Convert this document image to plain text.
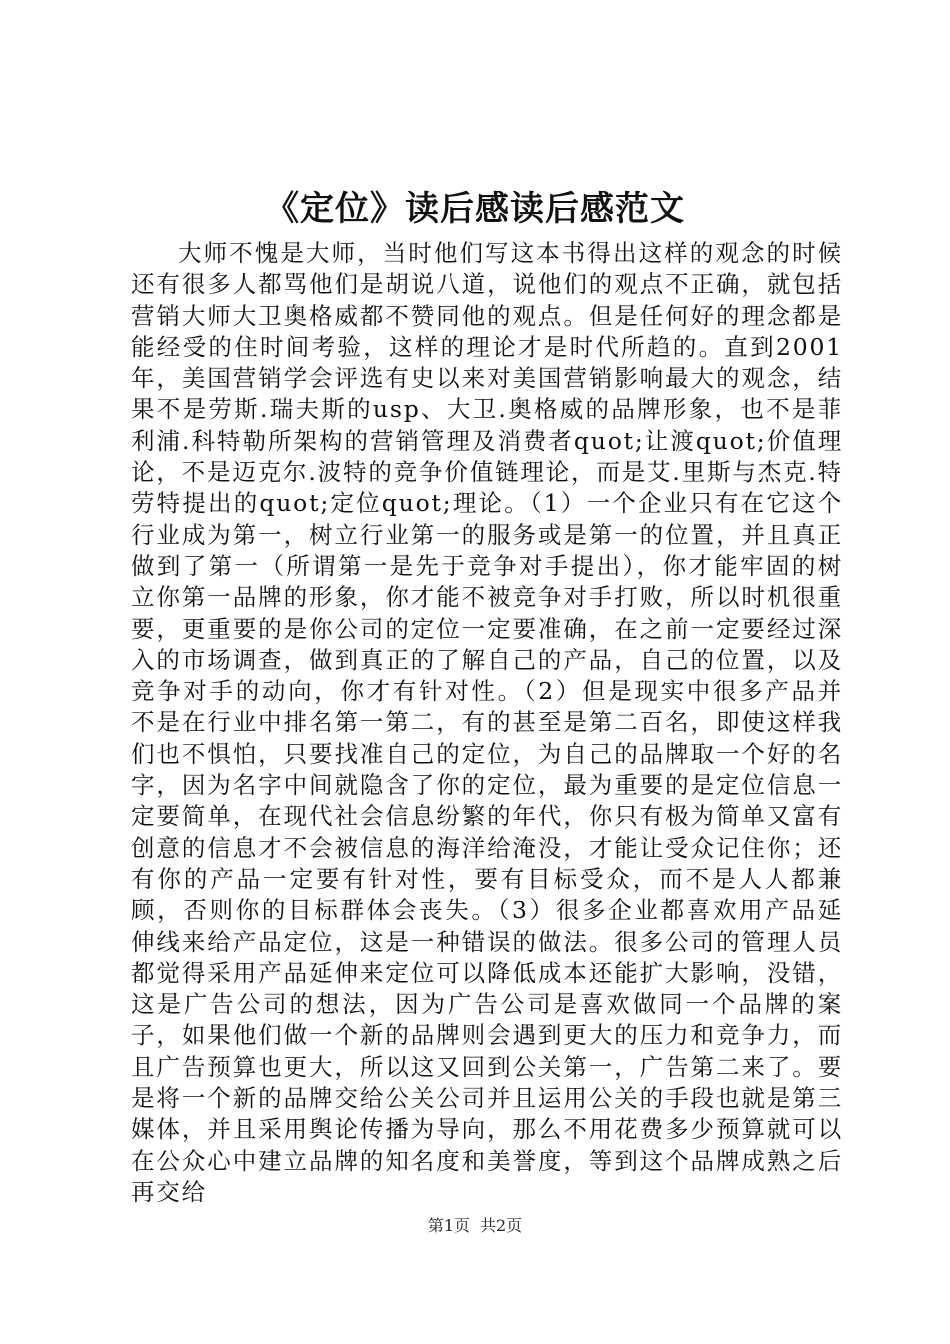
《定位》读后感读后感范文

大师不愧是大师，当时他们写这本书得出这样的观念的时候还有很多人都骂他们是胡说八道，说他们的观点不正确，就包括营销大师大卫奥格威都不赞同他的观点。但是任何好的理念都是能经受的住时间考验，这样的理论才是时代所趋的。直到2001年，美国营销学会评选有史以来对美国营销影响最大的观念，结果不是劳斯.瑞夫斯的usp、大卫.奥格威的品牌形象，也不是菲利浦.科特勒所架构的营销管理及消费者quot;让渡quot;价值理论，不是迈克尔.波特的竞争价值链理论，而是艾.里斯与杰克.特劳特提出的quot;定位quot;理论。（1）一个企业只有在它这个行业成为第一，树立行业第一的服务或是第一的位置，并且真正做到了第一（所谓第一是先于竞争对手提出），你才能牢固的树立你第一品牌的形象，你才能不被竞争对手打败，所以时机很重要，更重要的是你公司的定位一定要准确，在之前一定要经过深入的市场调查，做到真正的了解自己的产品，自己的位置，以及竞争对手的动向，你才有针对性。（2）但是现实中很多产品并不是在行业中排名第一第二，有的甚至是第二百名，即使这样我们也不惧怕，只要找准自己的定位，为自己的品牌取一个好的名字，因为名字中间就隐含了你的定位，最为重要的是定位信息一定要简单，在现代社会信息纷繁的年代，你只有极为简单又富有创意的信息才不会被信息的海洋给淹没，才能让受众记住你；还有你的产品一定要有针对性，要有目标受众，而不是人人都兼顾，否则你的目标群体会丧失。（3）很多企业都喜欢用产品延伸线来给产品定位，这是一种错误的做法。很多公司的管理人员都觉得采用产品延伸来定位可以降低成本还能扩大影响，没错，这是广告公司的想法，因为广告公司是喜欢做同一个品牌的案子，如果他们做一个新的品牌则会遇到更大的压力和竞争力，而且广告预算也更大，所以这又回到公关第一，广告第二来了。要是将一个新的品牌交给公关公司并且运用公关的手段也就是第三媒体，并且采用舆论传播为导向，那么不用花费多少预算就可以在公众心中建立品牌的知名度和美誉度，等到这个品牌成熟之后再交给

第1页 共2页
